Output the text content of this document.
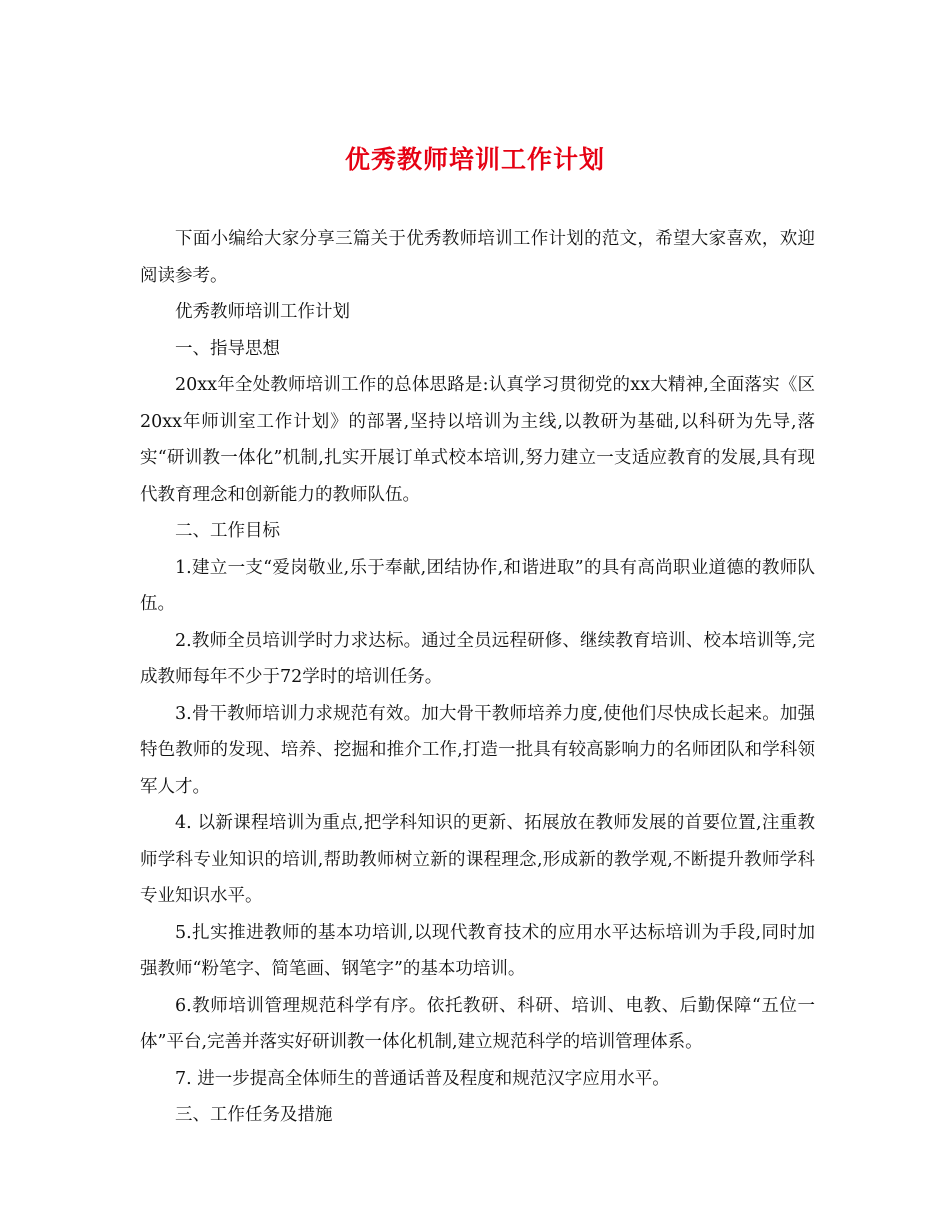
优秀教师培训工作计划

下面小编给大家分享三篇关于优秀教师培训工作计划的范文，希望大家喜欢，欢迎阅读参考。

优秀教师培训工作计划

一、指导思想

20xx年全处教师培训工作的总体思路是:认真学习贯彻党的xx大精神,全面落实《区20xx年师训室工作计划》的部署,坚持以培训为主线,以教研为基础,以科研为先导,落实“研训教一体化”机制,扎实开展订单式校本培训,努力建立一支适应教育的发展,具有现代教育理念和创新能力的教师队伍。

二、工作目标

1.建立一支“爱岗敬业,乐于奉献,团结协作,和谐进取”的具有高尚职业道德的教师队伍。

2.教师全员培训学时力求达标。通过全员远程研修、继续教育培训、校本培训等,完成教师每年不少于72学时的培训任务。

3.骨干教师培训力求规范有效。加大骨干教师培养力度,使他们尽快成长起来。加强特色教师的发现、培养、挖掘和推介工作,打造一批具有较高影响力的名师团队和学科领军人才。

4. 以新课程培训为重点,把学科知识的更新、拓展放在教师发展的首要位置,注重教师学科专业知识的培训,帮助教师树立新的课程理念,形成新的教学观,不断提升教师学科专业知识水平。

5.扎实推进教师的基本功培训,以现代教育技术的应用水平达标培训为手段,同时加强教师“粉笔字、简笔画、钢笔字”的基本功培训。

6.教师培训管理规范科学有序。依托教研、科研、培训、电教、后勤保障“五位一体”平台,完善并落实好研训教一体化机制,建立规范科学的培训管理体系。

7. 进一步提高全体师生的普通话普及程度和规范汉字应用水平。

三、工作任务及措施
